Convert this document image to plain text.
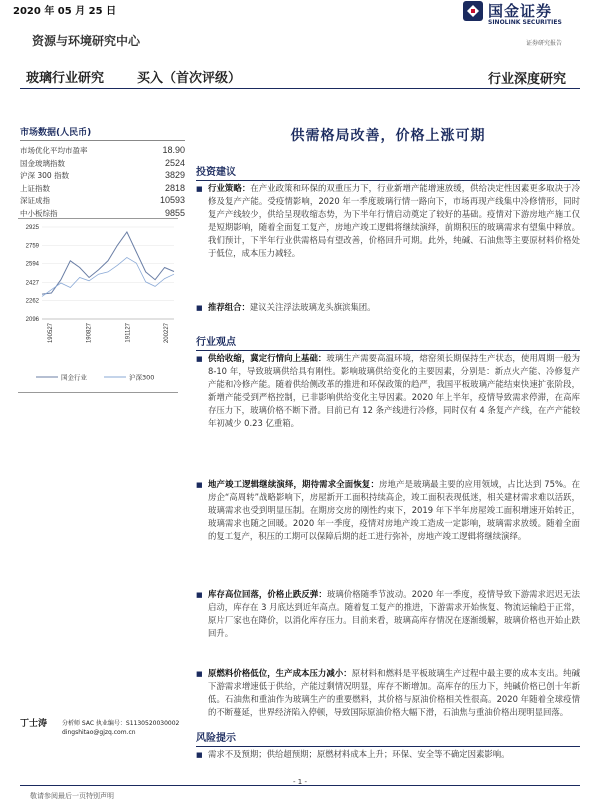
2020 年 05 月 25 日	国金证券
SINOLINK SECURITIES
证券研究报告
资源与环境研究中心
玻璃行业研究	买入（首次评级）	行业深度研究
市场数据(人民币)
市场优化平均市盈率	18.90
国金玻璃指数	2524
沪深 300 指数	3829
上证指数	2818
深证成指	10593
中小板综指	9855
2925
2759
2594
2427
2262
2096
190527	190827	191127	200227
国金行业	沪深300
丁士涛 分析师 SAC 执业编号：S1130520030002
dingshitao@gjzq.com.cn
供需格局改善，价格上涨可期
投资建议
■ 行业策略：在产业政策和环保的双重压力下，行业新增产能增速放缓，供给决定性因素更多取决于冷修及复产产能。受疫情影响，2020 年一季度玻璃行情一路向下，市场再现产线集中冷修情形，同时复产产线较少，供给呈现收缩态势，为下半年行情启动奠定了较好的基础。疫情对下游房地产施工仅是短期影响，随着全面复工复产，房地产竣工逻辑将继续演绎，前期积压的玻璃需求有望集中释放。我们预计，下半年行业供需格局有望改善，价格回升可期。此外，纯碱、石油焦等主要原材料价格处于低位，成本压力减轻。
■ 推荐组合：建议关注浮法玻璃龙头旗滨集团。
行业观点
■ 供给收缩，冀定行情向上基础：玻璃生产需要高温环境，熔窑须长期保持生产状态，使用周期一般为 8-10 年，导致玻璃供给具有刚性。影响玻璃供给变化的主要因素，分别是：新点火产能、冷修复产产能和冷修产能。随着供给侧改革的推进和环保政策的趋严，我国平板玻璃产能结束快速扩张阶段，新增产能受到严格控制，已非影响供给变化主导因素。2020 年上半年，疫情导致需求停滞，在高库存压力下，玻璃价格不断下滑。目前已有 12 条产线进行冷修，同时仅有 4 条复产产线，在产产能较年初减少 0.23 亿重箱。
■ 地产竣工逻辑继续演绎，期待需求全面恢复：房地产是玻璃最主要的应用领域，占比达到 75%。在房企“高周转”战略影响下，房屋新开工面积持续高企，竣工面积表现低迷，相关建材需求难以活跃，玻璃需求也受到明显压制。在期房交房的刚性约束下，2019 年下半年房屋竣工面积增速开始转正，玻璃需求也随之回暖。2020 年一季度，疫情对房地产竣工造成一定影响，玻璃需求放缓。随着全面的复工复产，积压的工期可以保障后期的赶工进行弥补，房地产竣工逻辑将继续演绎。
■ 库存高位回落，价格止跌反弹：玻璃价格随季节波动。2020 年一季度，疫情导致下游需求迟迟无法启动，库存在 3 月底达到近年高点。随着复工复产的推进，下游需求开始恢复、物流运输趋于正常，原片厂家也在降价，以消化库存压力。目前来看，玻璃高库存情况在逐渐缓解，玻璃价格也开始止跌回升。
■ 原燃料价格低位，生产成本压力减小：原材料和燃料是平板玻璃生产过程中最主要的成本支出。纯碱下游需求增速低于供给，产能过剩情况明显，库存不断增加。高库存的压力下，纯碱价格已创十年新低。石油焦和重油作为玻璃生产的重要燃料，其价格与原油价格相关性很高。2020 年随着全球疫情的不断蔓延，世界经济陷入停顿，导致国际原油价格大幅下滑，石油焦与重油价格出现明显回落。
风险提示
■ 需求不及预期；供给超预期；原燃材料成本上升；环保、安全等不确定因素影响。
- 1 -
敬请参阅最后一页特别声明
